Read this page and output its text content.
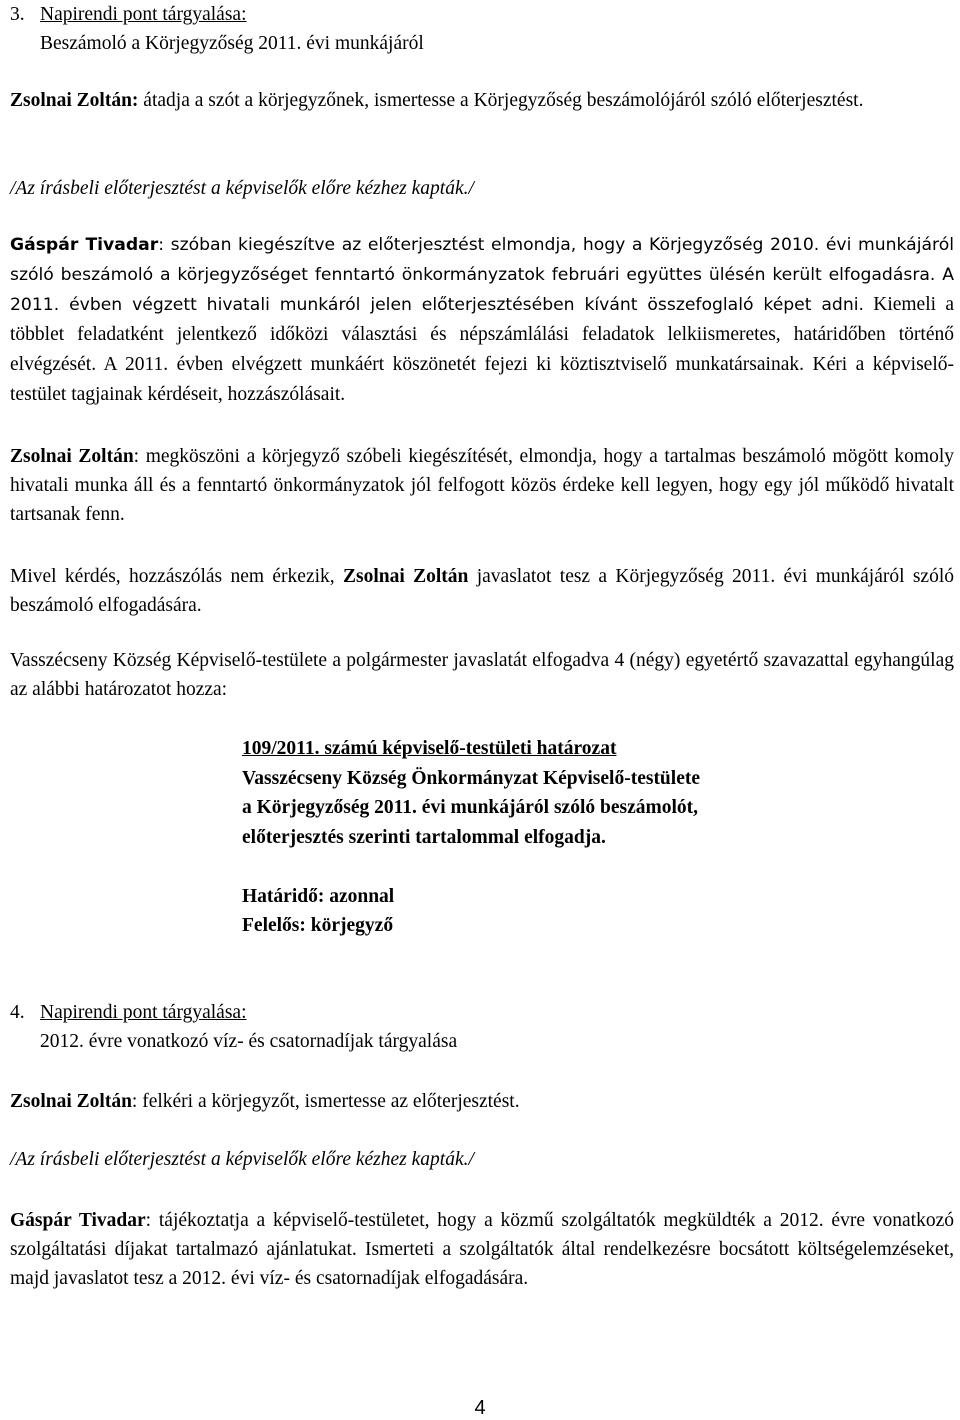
3. Napirendi pont tárgyalása:
Beszámoló a Körjegyzőség 2011. évi munkájáról

Zsolnai Zoltán: átadja a szót a körjegyzőnek, ismertesse a Körjegyzőség beszámolójáról szóló előterjesztést.

/Az írásbeli előterjesztést a képviselők előre kézhez kapták./

Gáspár Tivadar: szóban kiegészítve az előterjesztést elmondja, hogy a Körjegyzőség 2010. évi munkájáról szóló beszámoló a körjegyzőséget fenntartó önkormányzatok februári együttes ülésén került elfogadásra. A 2011. évben végzett hivatali munkáról jelen előterjesztésében kívánt összefoglaló képet adni. Kiemeli a többlet feladatként jelentkező időközi választási és népszámlálási feladatok lelkiismeretes, határidőben történő elvégzését. A 2011. évben elvégzett munkáért köszönetét fejezi ki köztisztviselő munkatársainak. Kéri a képviselő-testület tagjainak kérdéseit, hozzászólásait.

Zsolnai Zoltán: megköszöni a körjegyző szóbeli kiegészítését, elmondja, hogy a tartalmas beszámoló mögött komoly hivatali munka áll és a fenntartó önkormányzatok jól felfogott közös érdeke kell legyen, hogy egy jól működő hivatalt tartsanak fenn.

Mivel kérdés, hozzászólás nem érkezik, Zsolnai Zoltán javaslatot tesz a Körjegyzőség 2011. évi munkájáról szóló beszámoló elfogadására.

Vasszécseny Község Képviselő-testülete a polgármester javaslatát elfogadva 4 (négy) egyetértő szavazattal egyhangúlag az alábbi határozatot hozza:

109/2011. számú képviselő-testületi határozat
Vasszécseny Község Önkormányzat Képviselő-testülete
a Körjegyzőség 2011. évi munkájáról szóló beszámolót,
előterjesztés szerinti tartalommal elfogadja.
Határidő: azonnal
Felelős: körjegyző
4. Napirendi pont tárgyalása:
2012. évre vonatkozó víz- és csatornadíjak tárgyalása

Zsolnai Zoltán: felkéri a körjegyzőt, ismertesse az előterjesztést.

/Az írásbeli előterjesztést a képviselők előre kézhez kapták./

Gáspár Tivadar: tájékoztatja a képviselő-testületet, hogy a közmű szolgáltatók megküldték a 2012. évre vonatkozó szolgáltatási díjakat tartalmazó ajánlatukat. Ismerteti a szolgáltatók által rendelkezésre bocsátott költségelemzéseket, majd javaslatot tesz a 2012. évi víz- és csatornadíjak elfogadására.

4
